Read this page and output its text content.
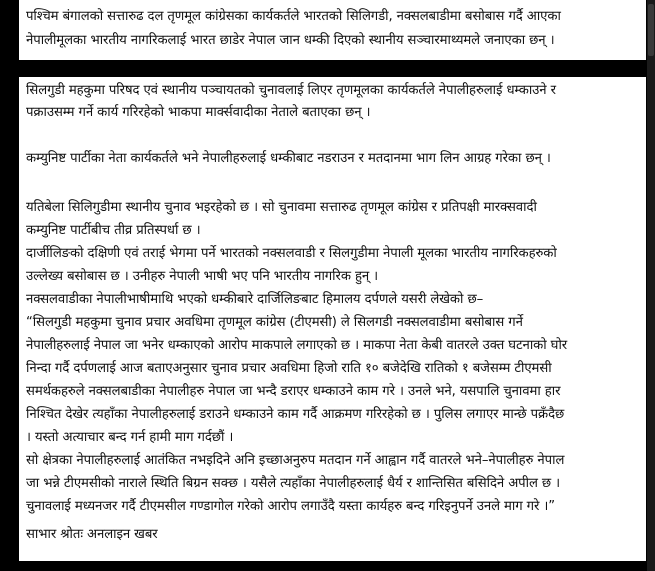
पश्चिम बंगालको सत्तारुढ दल तृणमूल कांग्रेसका कार्यकर्तले भारतको सिलिगडी, नक्सलबाडीमा बसोबास गर्दै आएका
नेपालीमूलका भारतीय नागरिकलाई भारत छाडेर नेपाल जान धम्की दिएको स्थानीय सञ्चारमाथ्यमले जनाएका छन् ।
सिलगुडी महकुमा परिषद एवं स्थानीय पञ्चायतको चुनावलाई लिएर तृणमूलका कार्यकर्तले नेपालीहरुलाई धम्काउने र
पक्राउसम्म गर्ने कार्य गरिरहेको भाकपा मार्क्सवादीका नेताले बताएका छन् ।
कम्युनिष्ट पार्टीका नेता कार्यकर्तले भने नेपालीहरुलाई धम्कीबाट नडराउन र मतदानमा भाग लिन आग्रह गरेका छन् ।
यतिबेला सिलिगुडीमा स्थानीय चुनाव भइरहेको छ । सो चुनावमा सत्तारुढ तृणमूल कांग्रेस र प्रतिपक्षी मारक्सवादी
कम्युनिष्ट पार्टीबीच तीव्र प्रतिस्पर्धा छ ।
दार्जीलिङको दक्षिणी एवं तराई भेगमा पर्ने भारतको नक्सलवाडी र सिलगुडीमा नेपाली मूलका भारतीय नागरिकहरुको
उल्लेख्य बसोबास छ । उनीहरु नेपाली भाषी भए पनि भारतीय नागरिक हुन् ।
नक्सलवाडीका नेपालीभाषीमाथि भएको धम्कीबारे दार्जिलिङबाट हिमालय दर्पणले यसरी लेखेको छ–
“सिलगुडी महकुमा चुनाव प्रचार अवधिमा तृणमूल कांग्रेस (टीएमसी) ले सिलगडी नक्सलवाडीमा बसोबास गर्ने
नेपालीहरुलाई नेपाल जा भनेर धम्काएको आरोप माकपाले लगाएको छ । माकपा नेता केबी वातरले उक्त घटनाको घोर
निन्दा गर्दै दर्पणलाई आज बताएअनुसार चुनाव प्रचार अवधिमा हिजो राति १० बजेदेखि रातिको १ बजेसम्म टीएमसी
समर्थकहरुले नक्सलबाडीका नेपालीहरु नेपाल जा भन्दै डराएर धम्काउने काम गरे । उनले भने, यसपालि चुनावमा हार
निश्चित देखेर त्यहाँका नेपालीहरुलाई डराउने धम्काउने काम गर्दै आक्रमण गरिरहेको छ । पुलिस लगाएर मान्छे पक्रँदैछ
। यस्तो अत्याचार बन्द गर्न हामी माग गर्दछौं ।
सो क्षेत्रका नेपालीहरुलाई आतंकित नभइदिने अनि इच्छाअनुरुप मतदान गर्ने आह्वान गर्दै वातरले भने–नेपालीहरु नेपाल
जा भन्ने टीएमसीको नाराले स्थिति बिग्रन सक्छ । यसैले त्यहाँका नेपालीहरुलाई धैर्य र शान्तिसित बसिदिने अपील छ ।
चुनावलाई मध्यनजर गर्दै टीएमसील गण्डागोल गरेको आरोप लगाउँदै यस्ता कार्यहरु बन्द गरिइनुपर्ने उनले माग गरे ।”
साभार श्रोतः अनलाइन खबर
